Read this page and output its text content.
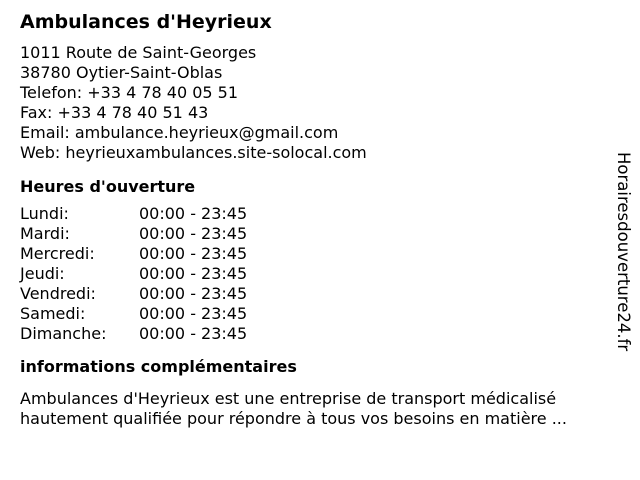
Ambulances d'Heyrieux
1011 Route de Saint-Georges
38780 Oytier-Saint-Oblas
Telefon: +33 4 78 40 05 51
Fax: +33 4 78 40 51 43
Email: ambulance.heyrieux@gmail.com
Web: heyrieuxambulances.site-solocal.com
Heures d'ouverture
Lundi:	00:00 - 23:45
Mardi:	00:00 - 23:45
Mercredi:	00:00 - 23:45
Jeudi:	00:00 - 23:45
Vendredi:	00:00 - 23:45
Samedi:	00:00 - 23:45
Dimanche:	00:00 - 23:45
informations complémentaires
Ambulances d'Heyrieux est une entreprise de transport médicalisé
hautement qualifiée pour répondre à tous vos besoins en matière ...
Horairesdouverture24.fr
